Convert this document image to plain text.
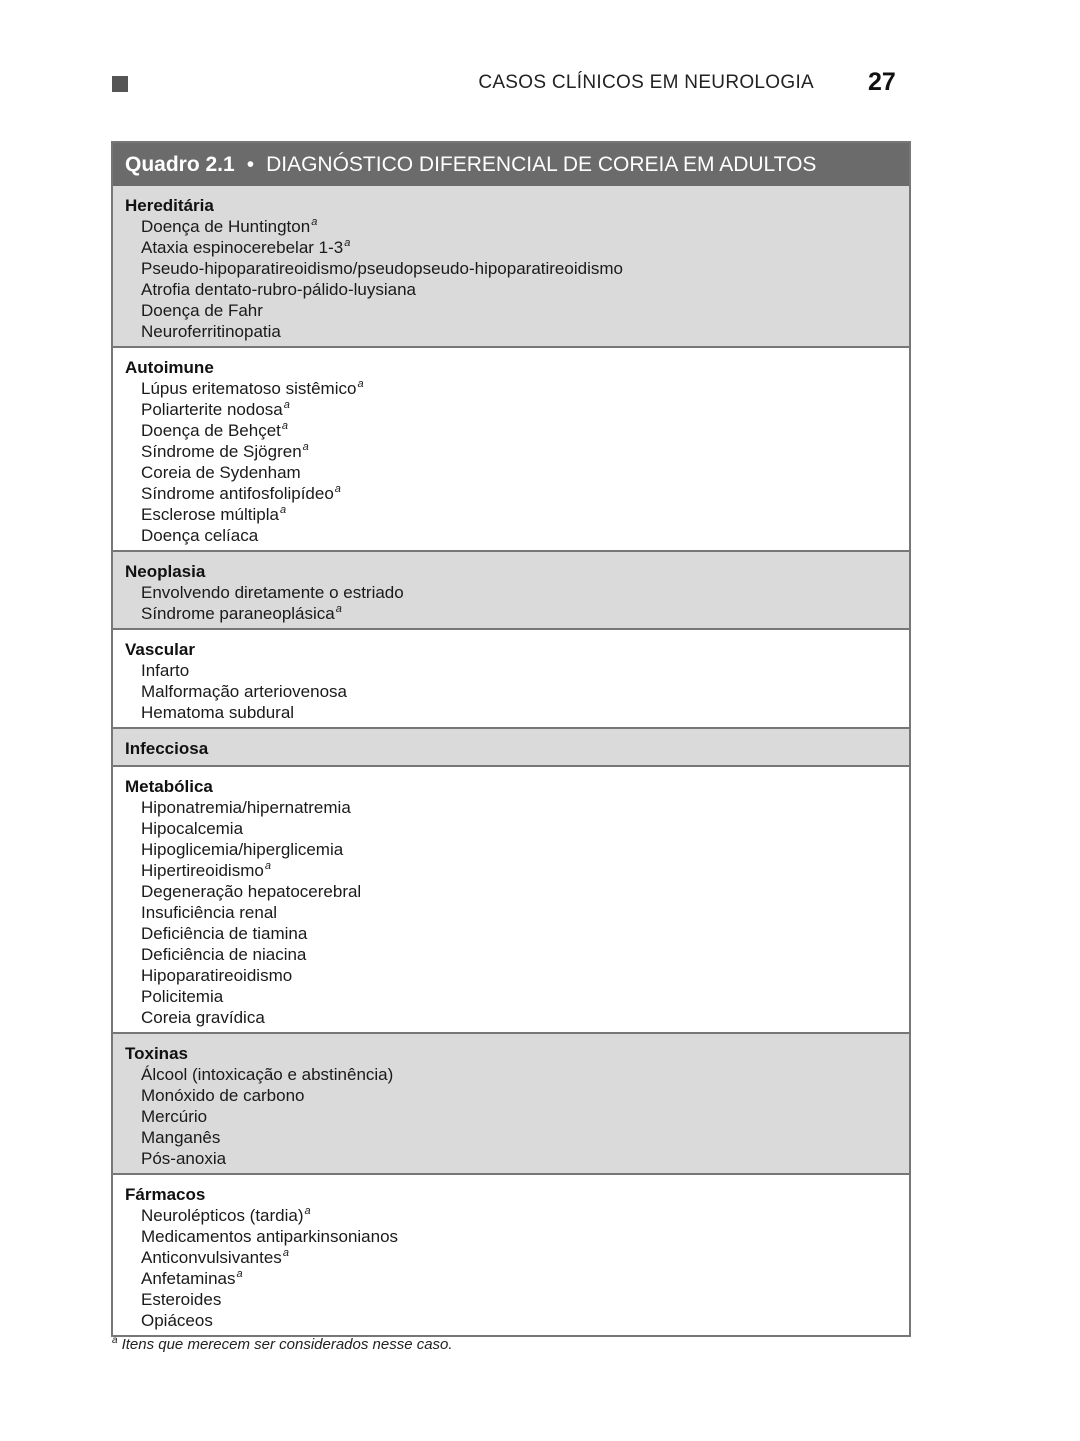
CASOS CLÍNICOS EM NEUROLOGIA 27
Quadro 2.1 • DIAGNÓSTICO DIFERENCIAL DE COREIA EM ADULTOS
Hereditária
Doença de Huntington$^a$
Ataxia espinocerebelar 1-3$^a$
Pseudo-hipoparatireoidismo/pseudopseudo-hipoparatireoidismo
Atrofia dentato-rubro-pálido-luysiana
Doença de Fahr
Neuroferritinopatia
Autoimune
Lúpus eritematoso sistêmico$^a$
Poliarterite nodosa$^a$
Doença de Behçet$^a$
Síndrome de Sjögren$^a$
Coreia de Sydenham
Síndrome antifosfolipídeo$^a$
Esclerose múltipla$^a$
Doença celíaca
Neoplasia
Envolvendo diretamente o estriado
Síndrome paraneoplásica$^a$
Vascular
Infarto
Malformação arteriovenosa
Hematoma subdural
Infecciosa
Metabólica
Hiponatremia/hipernatremia
Hipocalcemia
Hipoglicemia/hiperglicemia
Hipertireoidismo$^a$
Degeneração hepatocerebral
Insuficiência renal
Deficiência de tiamina
Deficiência de niacina
Hipoparatireoidismo
Policitemia
Coreia gravídica
Toxinas
Álcool (intoxicação e abstinência)
Monóxido de carbono
Mercúrio
Manganês
Pós-anoxia
Fármacos
Neurolépticos (tardia)$^a$
Medicamentos antiparkinsonianos
Anticonvulsivantes$^a$
Anfetaminas$^a$
Esteroides
Opiáceos
$^a$ Itens que merecem ser considerados nesse caso.
